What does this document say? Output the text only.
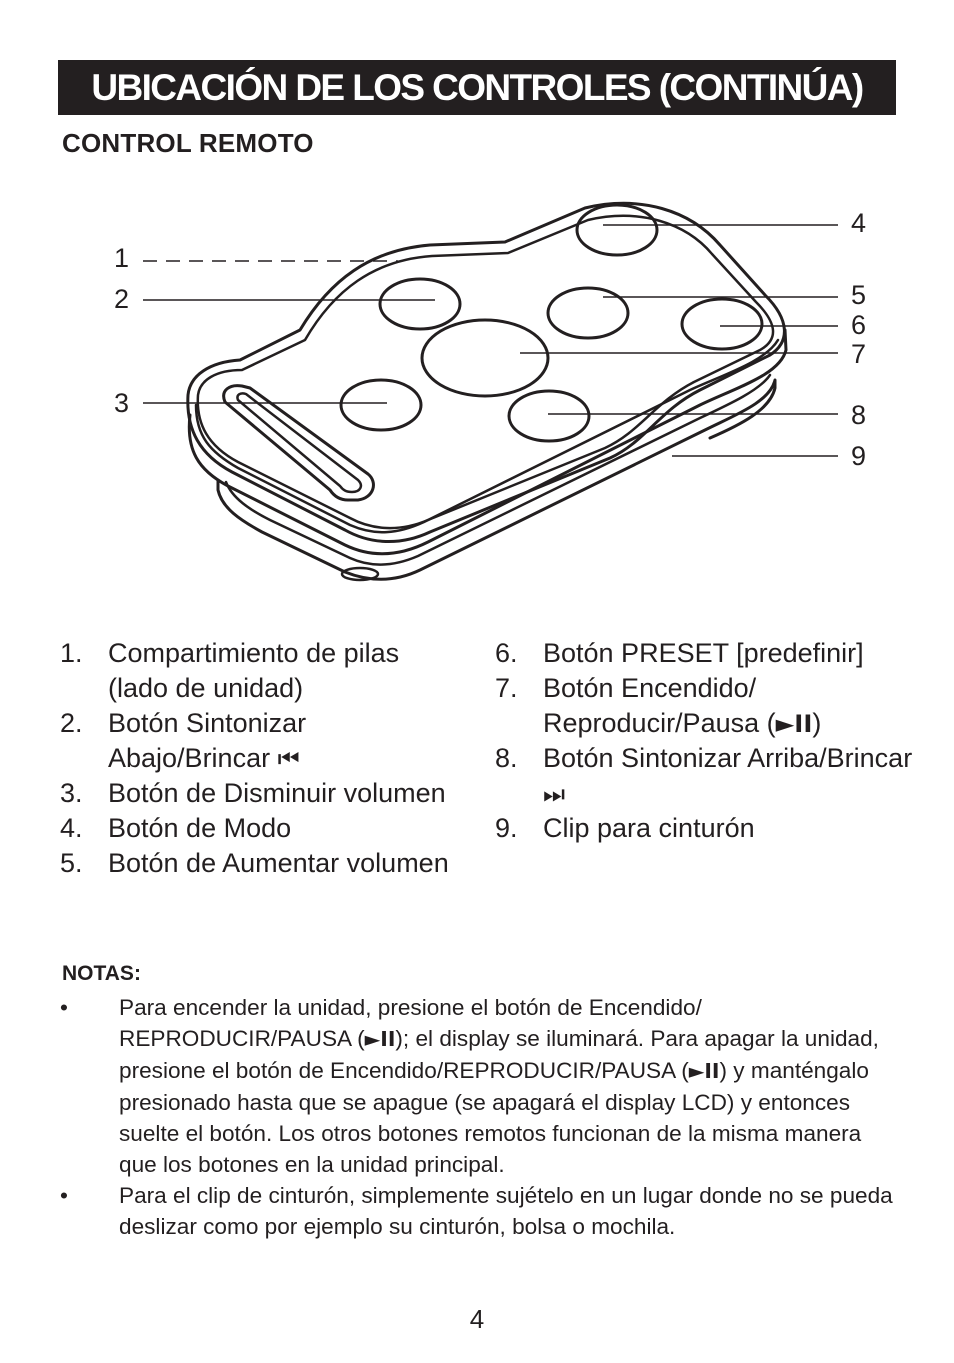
UBICACIÓN DE LOS CONTROLES (CONTINÚA)
CONTROL REMOTO
1
2
3
4
5
6
7
8
9
1. Compartimiento de pilas (lado de unidad)
2. Botón Sintonizar Abajo/Brincar ⏮
3. Botón de Disminuir volumen
4. Botón de Modo
5. Botón de Aumentar volumen
6. Botón PRESET [predefinir]
7. Botón Encendido/ Reproducir/Pausa (►II)
8. Botón Sintonizar Arriba/Brincar ⏭
9. Clip para cinturón
NOTAS:
• Para encender la unidad, presione el botón de Encendido/ REPRODUCIR/PAUSA (►II); el display se iluminará. Para apagar la unidad, presione el botón de Encendido/REPRODUCIR/PAUSA (►II) y manténgalo presionado hasta que se apague (se apagará el display LCD) y entonces suelte el botón. Los otros botones remotos funcionan de la misma manera que los botones en la unidad principal.
• Para el clip de cinturón, simplemente sujételo en un lugar donde no se pueda deslizar como por ejemplo su cinturón, bolsa o mochila.
4
